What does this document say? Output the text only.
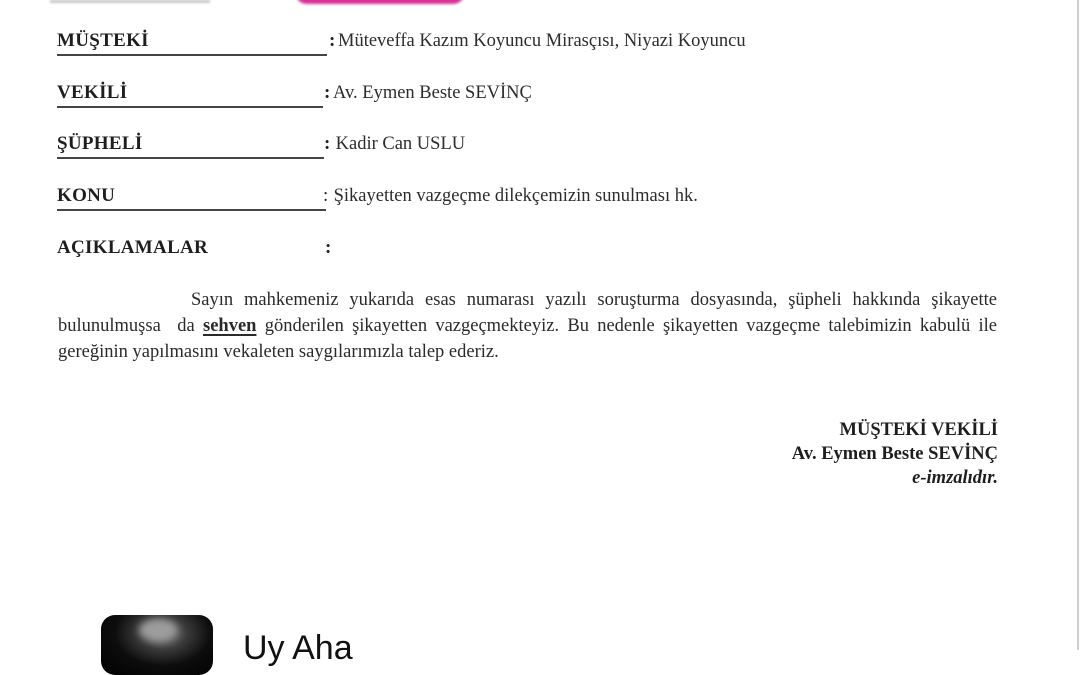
MÜŞTEKİ	: Müteveffa Kazım Koyuncu Mirasçısı, Niyazi Koyuncu
VEKİLİ	: Av. Eymen Beste SEVİNÇ
ŞÜPHELİ	: Kadir Can USLU
KONU	: Şikayetten vazgeçme dilekçemizin sunulması hk.
AÇIKLAMALAR	:

Sayın mahkemeniz yukarıda esas numarası yazılı soruşturma dosyasında, şüpheli hakkında şikayette bulunulmuşsa  da sehven gönderilen şikayetten vazgeçmekteyiz. Bu nedenle şikayetten vazgeçme talebimizin kabulü ile gereğinin yapılmasını vekaleten saygılarımızla talep ederiz.

MÜŞTEKİ VEKİLİ
Av. Eymen Beste SEVİNÇ
e-imzalıdır.
Uy Aha
